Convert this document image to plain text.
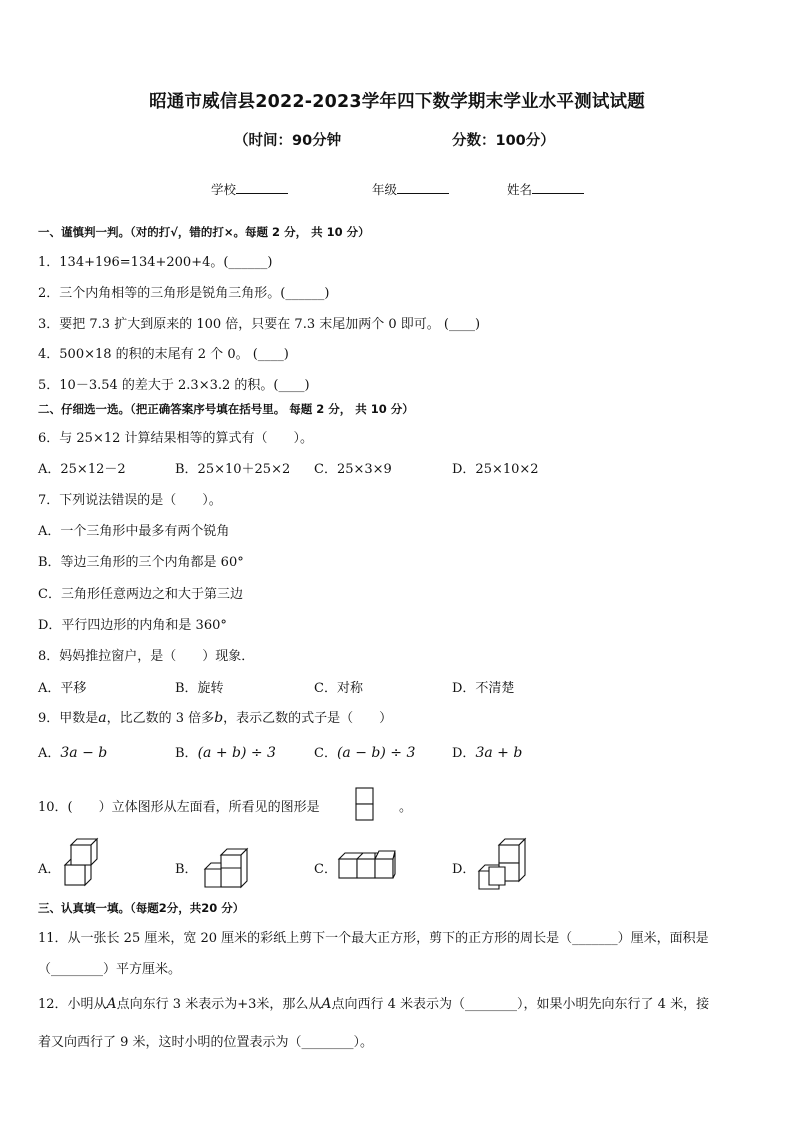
昭通市威信县2022-2023学年四下数学期末学业水平测试试题
（时间：90分钟	分数：100分）
学校	年级	姓名
一、谨慎判一判。（对的打√，错的打×。每题 2 分， 共 10 分）
1．134+196=134+200+4。(______)
2．三个内角相等的三角形是锐角三角形。(______)
3．要把 7.3 扩大到原来的 100 倍，只要在 7.3 末尾加两个 0 即可。 (____)
4．500×18 的积的末尾有 2 个 0。 (____)
5．10－3.54 的差大于 2.3×3.2 的积。(____)
二、仔细选一选。（把正确答案序号填在括号里。 每题 2 分， 共 10 分）
6．与 25×12 计算结果相等的算式有（　　）。
A．25×12－2	B．25×10＋25×2 C．25×3×9	D．25×10×2
7．下列说法错误的是（　　）。
A．一个三角形中最多有两个锐角
B．等边三角形的三个内角都是 60°
C．三角形任意两边之和大于第三边
D．平行四边形的内角和是 360°
8．妈妈推拉窗户，是（　　）现象．
A．平移	B．旋转	C．对称	D．不清楚
9．甲数是a，比乙数的 3 倍多b，表示乙数的式子是（　　）
A．3a − b	B．(a + b) ÷ 3	C．(a − b) ÷ 3	D．3a + b
10．(　　）立体图形从左面看，所看见的图形是	。
A．	B．	C．	D．
三、认真填一填。（每题2分，共20 分）
11．从一张长 25 厘米，宽 20 厘米的彩纸上剪下一个最大正方形，剪下的正方形的周长是（_______）厘米，面积是
（________）平方厘米。
12．小明从A点向东行 3 米表示为+3米，那么从A点向西行 4 米表示为（________），如果小明先向东行了 4 米，接
着又向西行了 9 米，这时小明的位置表示为（________）。
